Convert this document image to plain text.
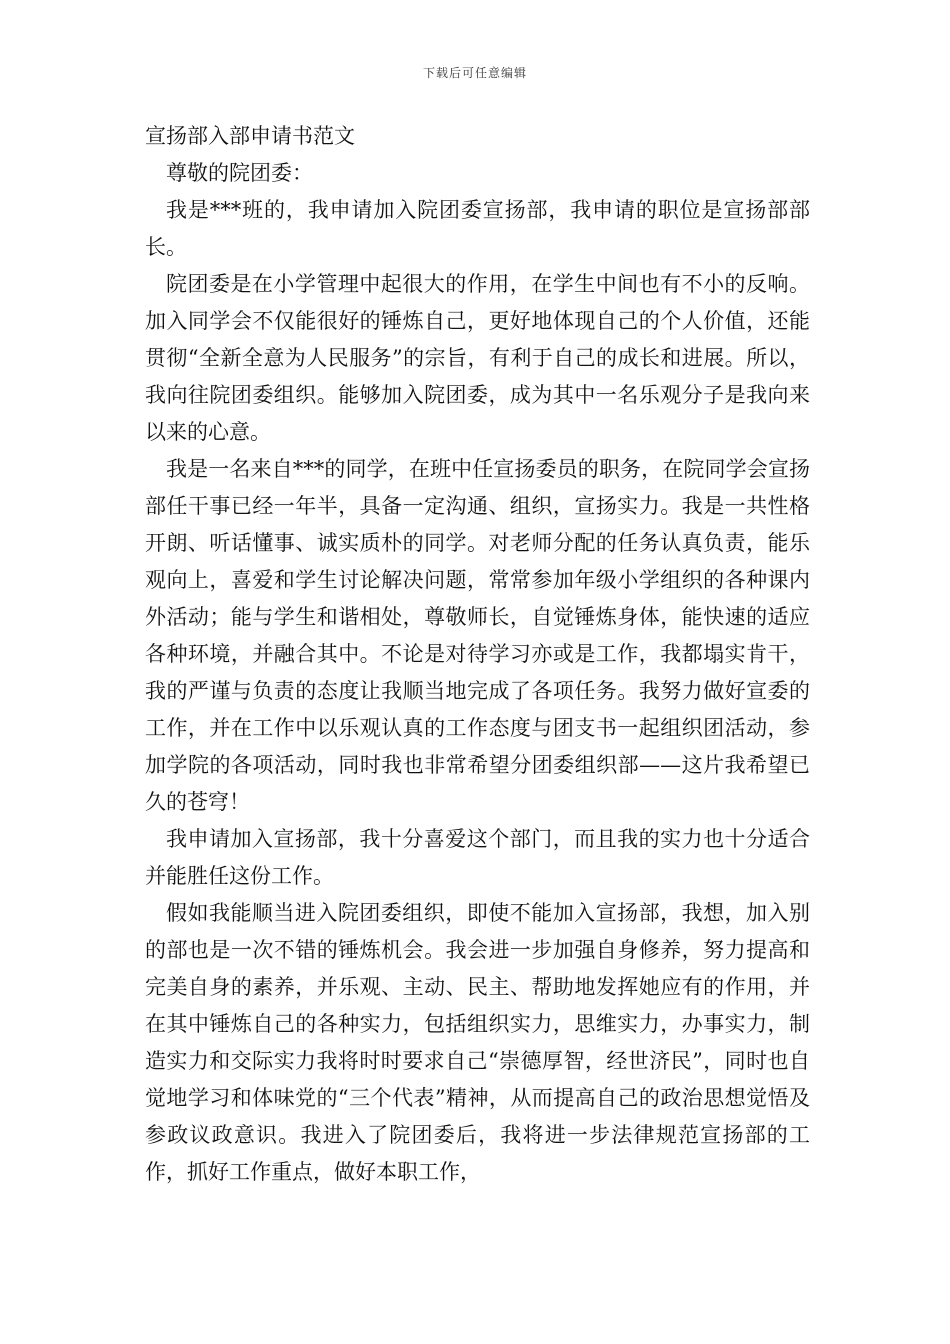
下载后可任意编辑

宣扬部入部申请书范文

尊敬的院团委：

我是***班的，我申请加入院团委宣扬部，我申请的职位是宣扬部部长。

院团委是在小学管理中起很大的作用，在学生中间也有不小的反响。加入同学会不仅能很好的锤炼自己，更好地体现自己的个人价值，还能贯彻“全新全意为人民服务”的宗旨，有利于自己的成长和进展。所以，我向往院团委组织。能够加入院团委，成为其中一名乐观分子是我向来以来的心意。

我是一名来自***的同学，在班中任宣扬委员的职务，在院同学会宣扬部任干事已经一年半，具备一定沟通、组织，宣扬实力。我是一共性格开朗、听话懂事、诚实质朴的同学。对老师分配的任务认真负责，能乐观向上，喜爱和学生讨论解决问题，常常参加年级小学组织的各种课内外活动；能与学生和谐相处，尊敬师长，自觉锤炼身体，能快速的适应各种环境，并融合其中。不论是对待学习亦或是工作，我都塌实肯干，我的严谨与负责的态度让我顺当地完成了各项任务。我努力做好宣委的工作，并在工作中以乐观认真的工作态度与团支书一起组织团活动，参加学院的各项活动，同时我也非常希望分团委组织部——这片我希望已久的苍穹！

我申请加入宣扬部，我十分喜爱这个部门，而且我的实力也十分适合并能胜任这份工作。

假如我能顺当进入院团委组织，即使不能加入宣扬部，我想，加入别的部也是一次不错的锤炼机会。我会进一步加强自身修养，努力提高和完美自身的素养，并乐观、主动、民主、帮助地发挥她应有的作用，并在其中锤炼自己的各种实力，包括组织实力，思维实力，办事实力，制造实力和交际实力我将时时要求自己“崇德厚智，经世济民”，同时也自觉地学习和体味党的“三个代表”精神，从而提高自己的政治思想觉悟及参政议政意识。我进入了院团委后，我将进一步法律规范宣扬部的工作，抓好工作重点，做好本职工作，
